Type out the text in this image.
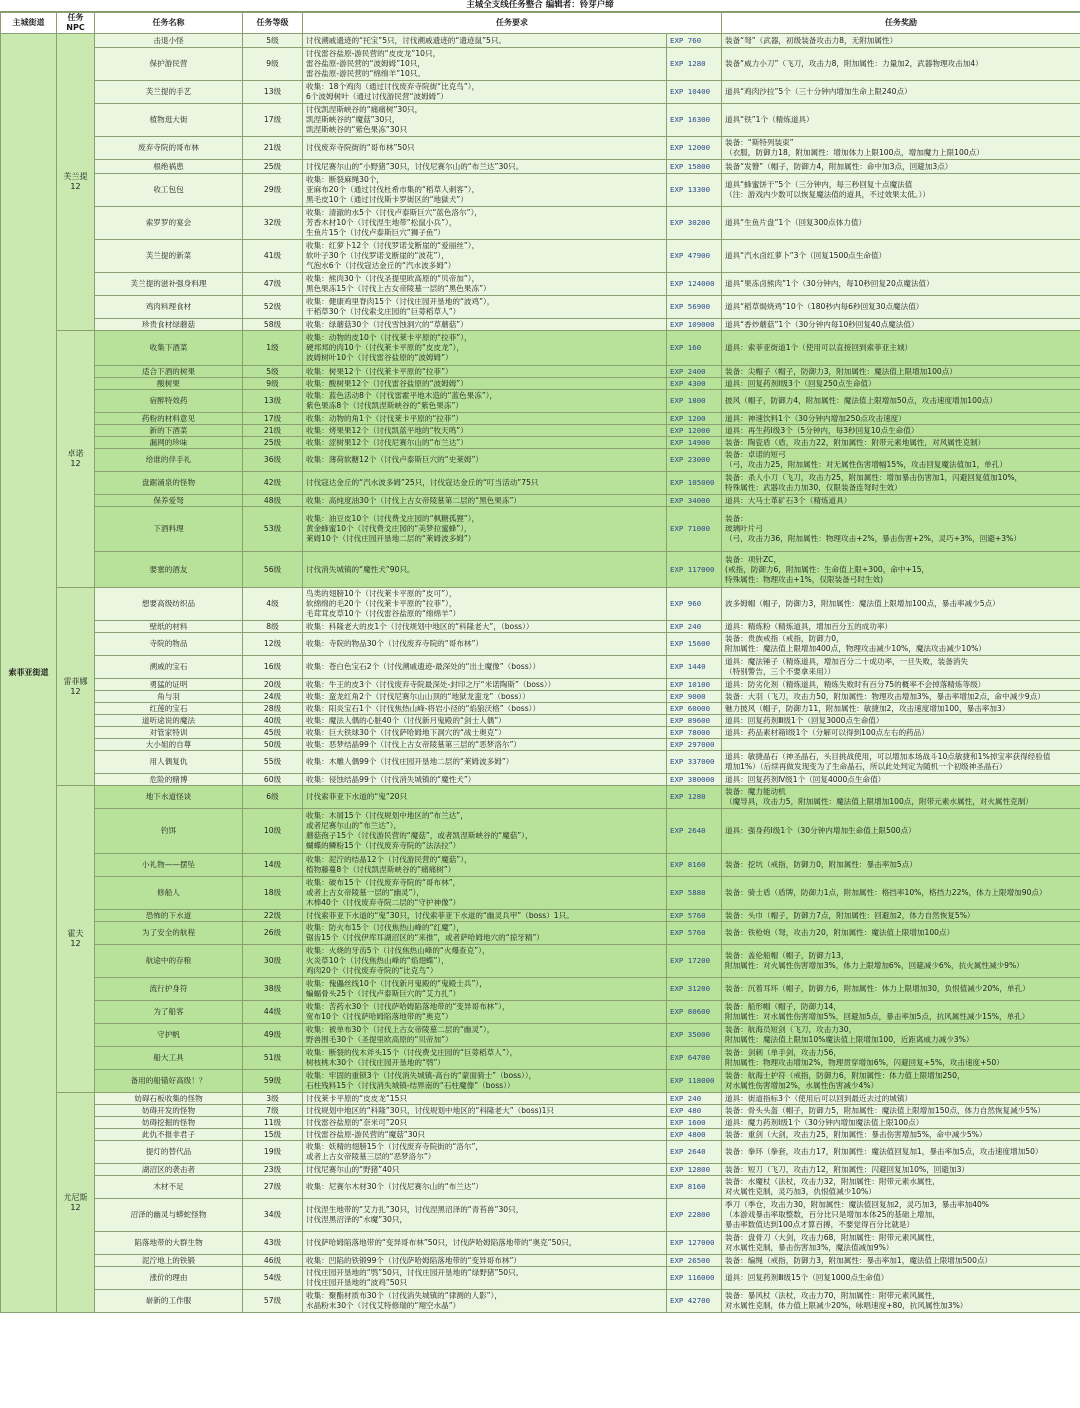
主城全支线任务整合 编辑者：铃芽户缔
主城街道	任务NPC	任务名称	任务等级	任务要求		任务奖励
索菲亚街道	芙兰提
12	击退小怪	5级	讨伐溯戚遗迹的“托宝”5只，讨伐溯戚遗迹的“遗迹鼠”5只。	EXP 760	装备“弩”（武器，初级装备攻击力8，无附加属性）
		保护游民营	9级	讨伐雷谷盐原-游民营的“皮皮龙”10只，
雷谷盐原-游民营的“波姆姆”10只，
雷谷盐原-游民营的“绵绵羊”10只。	EXP 1280	装备“威力小刀”（飞刀，攻击力8，附加属性：力量加2，武器物理攻击加4）
		芙兰提的手艺	13级	收集：18个鸡肉（通过讨伐废弃寺院街“比克鸟”），
6个波姆树叶（通过讨伐游民营“波姆姆”）	EXP 10400	道具“鸡肉沙拉”5个（三十分钟内增加生命上限240点）
		植物逛大街	17级	讨伐凯涅斯峡谷的“痛痛树”30只，
凯涅斯峡谷的“魔菇”30只，
凯涅斯峡谷的“紫色果冻”30只	EXP 16300	道具“铁”1个（精炼道具）
		废弃寺院的哥布林	21级	讨伐废弃寺院街的“哥布林”50只	EXP 12000	装备：“斯特列装束”
（衣服，防御力18，附加属性：增加体力上限100点，增加魔力上限100点）
		根绝祸患	25级	讨伐尼赛尔山的“小野猪”30只，讨伐尼赛尔山的“布兰达”30只。	EXP 15800	装备“发簪”（帽子，防御力4，附加属性：命中加3点，回避加3点）
		收工包包	29级	收集：断裂麻绳30个，
亚麻布20个（通过讨伐杜希市集的“稻草人刺客”），
黑毛皮10个（通过讨伐斯卡罗街区的“地獄犬”）	EXP 13300	道具“蜂蜜饼干”5个（三分钟内，每三秒回复十点魔法值
（注：游戏内少数可以恢复魔法值的道具，不过效果太低。））
		索罗罗的宴会	32级	收集：清澈的水5个（讨伐卢泰斯巨穴“蓝色洛尔”），
芳香木材10个（讨伐涅生地带“松鼠小兵”），
生鱼片15个（讨伐卢泰斯巨穴“狮子鱼”）	EXP 30200	道具“生鱼片盘”1个（回复300点体力值）
		芙兰提的新菜	41级	收集：红萝卜12个（讨伐罗诺戈断崖的“爱丽丝”），
软叶子30个（讨伐罗诺戈断崖的“波花”），
气泡水6个（讨伐寇达金丘的“汽水波多姆”）	EXP 47900	道具“汽水卤红萝卜”3个（回复1500点生命值）
		芙兰提的滋补强身料理	47级	收集：熊肉30个（讨伐圣提里欧高原的“贝帝加”），
黑色果冻15个（讨伐上古女帝陵墓一层的“黑色果冻”）	EXP 124000	道具“果冻卤熊肉”1个（30分钟内，每10秒回复20点魔法值）
		鸡肉料理食材	52级	收集：健康鸡里脊肉15个（讨伐庄园开垦地的“波鸡”），
干稻草30个（讨伐索戈庄园的“巨蒡稻草人”）	EXP 56900	道具“稻草焗烧鸡”10个（180秒内每6秒回复30点魔法值）
		珍贵食材绿蘑菇	58级	收集：绿蘑菇30个（讨伐雪蚀洞穴的“草蘑菇”）	EXP 109000	道具“香炒蘑菇”1个（30分钟内每10秒回复40点魔法值）
	卓诺
12	收集下酒菜	1级	收集：动物的皮10个（讨伐莱卡平原的“拉菲”），
硬邦邦的肉10个（讨伐莱卡平原的“皮皮龙”），
波姆树叶10个（讨伐雷谷盐原的“波姆姆”）	EXP 160	道具：索菲亚街道1个（使用可以直接回到索菲亚主城）
		适合下酒的树果	5级	收集：树果12个（讨伐莱卡平原的“拉菲”）	EXP 2400	装备：尖帽子（帽子，防御力3，附加属性：魔法值上限增加100点）
		酸树果	9级	收集：酸树果12个（讨伐雷谷盐原的“波姆姆”）	EXP 4300	道具：回复药剂Ⅰ级3个（回复250点生命值）
		宿醉特效药	13级	收集：蓝色活动8个（讨伐雷霍平地木造的“蓝色果冻”），
紫色果冻8个（讨伐凯涅斯峡谷的“紫色果冻”）	EXP 1800	披风（帽子，防御力4，附加属性：魔法值上限增加50点，攻击速度增加100点）
		药粉的材料意见	17级	收集：动物的角1个（讨伐莱卡平原的“拉菲”）	EXP 1200	道具：神速饮料1个（30分钟内增加250点攻击速度）
		新的下酒菜	21级	收集：烤果果12个（讨伐凯蓝平地的“牧天鸣”）	EXP 12000	道具：再生药Ⅰ级3个（5分钟内，每3秒回复10点生命值）
		漏网的珍味	25级	收集：涩树果12个（讨伐尼赛尔山的“布兰达”）	EXP 14900	装备：陶瓷盾（盾，攻击力22，附加属性：附带元素地属性，对风属性克制）
		给谁的伴手礼	36级	收集：薄荷软糖12个（讨伐卢泰斯巨穴的“史莱姆”）	EXP 23000	装备：卓诺的短弓
（弓，攻击力25，附加属性：对无属性伤害增幅15%，攻击回复魔法值加1，单孔）
		盘踞涌泉的怪物	42级	讨伐寇达金丘的“汽水波多姆”25只，讨伐寇达金丘的“叮当活动”75只	EXP 105000	装备：杀人小刀（飞刀，攻击力25，附加属性：增加暴击伤害加1，闪避回复值加10%，
特殊属性：武器攻击力加30，仅限装备连弩时生效）
		保养爱弩	48级	收集：高纯度油30个（讨伐上古女帝陵墓第二层的“黑色果冻”）	EXP 34000	道具：大马士革矿石3个（精炼道具）
		下酒料理	53级	收集：油豆皮10个（讨伐费戈庄园的“枫糖孤狸”），
黄金蜂蜜10个（讨伐费戈庄园的“美梦拉蜜蜂”），
莱姆10个（讨伐庄园开垦地二层的“莱姆波多姆”）	EXP 71000	装备：
玻璃叶片弓
（弓，攻击力36，附加属性：物理攻击+2%，暴击伤害+2%，灵巧+3%，回避+3%）
		要塞的酒友	56级	讨伐消失城镇的“魔性犬”90只。	EXP 117000	装备：项针ZC，
(戒指，防御力6，附加属性：生命值上限+300，命中+15，
特殊属性：物理攻击+1%，仅限装备弓时生效)
	雷菲娜
12	想要高级纺织品	4级	鸟类的翅膀10个（讨伐莱卡平原的“皮可”），
软绵绵的毛20个（讨伐莱卡平原的“拉菲”），
毛茸茸皮草10个（讨伐雷谷盐原的“绵绵羊”）	EXP 960	波多姆帽（帽子，防御力3，附加属性：魔法值上限增加100点，暴击率减少5点）
		壁纸的材料	8级	收集：科隆老大的皮1个（讨伐规划中地区的“科隆老大”，（boss））	EXP 240	道具：精炼粉（精炼道具，增加百分五的成功率）
		寺院的物品	12级	收集：寺院的物品30个（讨伐废弃寺院的“哥布林”）	EXP 15600	装备：贵族戒指（戒指，防御力0，
附加属性：魔法值上限增加400点，物理攻击减少10%，魔法攻击减少10%）
		溯戚的宝石	16级	收集：苍白色宝石2个（讨伐溯戚遗迹-最深处的“出土魔像”（boss））	EXP 1440	道具：魔法锤子（精炼道具，增加百分二十成功率，一旦失败，装备消失
（特别警告，三个不要拿来用））
		勇猛的证明	20级	收集：牛王的皮3个（讨伐废弃寺院最深处-封印之厅“米诺陶斯”（boss））	EXP 10100	道具：防劣化剂（精炼道具，精炼失败时有百分75的概率不会掉落精炼等级）
		角与羽	24级	收集：蛮龙红角2个（讨伐尼赛尔山山顶的“地狱龙蛮龙”（boss））	EXP 9000	装备：大羽（飞刀，攻击力50，附加属性：物理攻击增加3%，暴击率增加2点，命中减少9点）
		红莲的宝石	28级	收集：阳炎宝石1个（讨伐焦热山峰-将岩小径的“焰狼沃格”（boss））	EXP 60000	魅力披风（帽子，防御力11，附加属性：敏捷加2，攻击速度增加100，暴击率加3）
		道听途说的魔法	40级	收集：魔法人偶的心脏40个（讨伐新月鬼殿的“剑士人偶”）	EXP 89600	道具：回复药剂Ⅲ级1个（回复3000点生命值）
		对管家特训	45级	收集：巨大铁球30个（讨伐萨哈姆地下洞穴的“战士奥克”）	EXP 78000	道具：药品素材箱Ⅰ级1个（分解可以得到100点左右的药品）
		大小姐的自尊	50级	收集：恶梦结晶99个（讨伐上古女帝陵墓第三层的“恶梦洛尔”）	EXP 297000	
		用人偶复仇	55级	收集：木雕人偶99个（讨伐庄园开垦地二层的“莱姆波多姆”）	EXP 337000	道具：敏捷晶石（神圣晶石，头目挑战使用，可以增加本场战斗10点敏捷和1%掉宝率获得经验值
增加1%）（后续再做发现变为了生命晶石，所以此处判定为随机一个初级神圣晶石）
		危险的赌博	60级	收集：侵蚀结晶99个（讨伐消失城镇的“魔性犬”）	EXP 380000	道具：回复药剂Ⅳ级1个（回复4000点生命值）
	霍夫
12	地下水道怪谈	6级	讨伐索菲亚下水道的“鬼”20只	EXP 1280	装备：魔力能动机
（魔导具，攻击力5，附加属性：魔法值上限增加100点，附带元素水属性，对火属性克制）
		钓饵	10级	收集：木屑15个（讨伐规划中地区的“布兰达”，
或者尼赛尔山的“布兰达”），
蘑菇孢子15个（讨伐游民营的“魔菇”，或者凯涅斯峡谷的“魔菇”），
蝴蝶的鳞粉15个（讨伐废弃寺院的“法法拉”）	EXP 2640	道具：强身药Ⅰ级1个（30分钟内增加生命值上限500点）
		小礼物——摆坠	14级	收集：泥泞的结晶12个（讨伐游民营的“魔菇”），
植物藤蔓8个（讨伐凯涅斯峡谷的“痛痛树”）	EXP 8160	装备：挖坑（戒指，防御力0，附加属性：暴击率加5点）
		修船人	18级	收集：破布15个（讨伐废弃寺院的“哥布林”，
或者上古女帝陵墓一层的“幽灵”），
木棒40个（讨伐废弃寺院二层的“守护神像”）	EXP 5880	装备：骑士盾（盾牌，防御力1点，附加属性：格挡率10%，格挡力22%，体力上限增加90点）
		恐怖的下水道	22级	讨伐索菲亚下水道的“鬼”30只，讨伐索菲亚下水道的“幽灵兵甲”（boss）1只。	EXP 5760	装备：头巾（帽子，防御力7点，附加属性：回避加2，体力自然恢复5%）
		为了安全的航程	26级	收集：防火布15个（讨伐焦热山峰的“红魔”），
锯齿15个（讨伐伊库耳湖沼区的“来推”，或者萨哈姆地穴的“掠牙精”）	EXP 5760	装备：铁枪炮（弩，攻击力20，附加属性：魔法值上限增加100点）
		航途中的存粮	30级	收集：火烧的牙齿5个（讨伐焦热山峰的“火爆查克”），
火炎草10个（讨伐焦热山峰的“焰翅蝶”），
鸡肉20个（讨伐废弃寺院的“比克鸟”）	EXP 17200	装备：盖伦船帽（帽子，防御力13，
附加属性：对火属性伤害增加3%，体力上限增加6%，回避减少6%，抗火属性减少9%）
		流行护身符	38级	收集：傀儡丝线10个（讨伐新月鬼殿的“鬼殿士兵”），
蝙蝠骨头25个（讨伐卢泰斯巨穴的“艾力扎”）	EXP 31200	装备：沉着耳环（帽子，防御力6，附加属性：体力上限增加30，负恨值减少20%，单孔）
		为了船客	44级	收集：苦药水30个（讨伐萨哈姆陷落地带的“变异哥布林”），
宽布10个（讨伐萨哈姆陷落地带的“奥克”）	EXP 80600	装备：船形帽（帽子，防御力14，
附加属性：对水属性伤害增加5%，回避加5点，暴击率加5点，抗风属性减少15%，单孔）
		守护帆	49级	收集：被单布30个（讨伐上古女帝陵墓二层的“幽灵”），
野兽围毛30个（圣提里欧高原的“贝帝加”）	EXP 35000	装备：航海员短剑（飞刀，攻击力30，
附加属性：魔法值上限加10%魔法值上限增加100，近距离威力减少3%）
		船大工具	51级	收集：断裂的伐木斧头15个（讨伐费戈庄园的“巨蒡稻草人”），
树枝桃木30个（讨伐庄园开垦地的“鸮”）	EXP 64700	装备：剑刺（单手剑，攻击力56，
附加属性：物理攻击增加2%，物理贯穿增加6%，闪避回复+5%，攻击速度+50）
		备用的船锚好高级！？	59级	收集：牢固的重锁3个（讨伐消失城镇-高台的“蒙面骑士”（boss）），
石柱残料15个（讨伐消失城镇-结界南的“石柱魔像”（boss））	EXP 118000	装备：航海士护符（戒指，防御力6，附加属性：体力值上限增加250，
对水属性伤害增加2%，水属性伤害减少4%）
	尤尼斯
12	妨碍石板收集的怪物	3级	讨伐莱卡平原的“皮皮龙”15只	EXP 240	道具：街道指标3个（使用后可以回到最近去过的城镇）
		妨碍开发的怪物	7级	讨伐规划中地区的“科隆”30只，讨伐规划中地区的“科隆老大”（boss)1只	EXP 480	装备：骨头头盔（帽子，防御力5，附加属性：魔法值上限增加150点，体力自然恢复减少5%）
		妨碍挖掘的怪物	11级	讨伐雷谷盐原的“奈米可”20只	EXP 1600	道具：魔力药剂Ⅰ级1个（30分钟内增加魔法值上限100点）
		此仇不报非君子	15级	讨伐雷谷盐原-游民营的“魔菇”30只	EXP 4800	装备：重剑（大剑，攻击力25，附加属性：暴击伤害增加5%，命中减少5%）
		提灯的替代品	19级	收集：妖精的翅膀15个（讨伐废弃寺院街的“洛尔”，
或者上古女帝陵墓三层的“恶梦洛尔”）	EXP 2640	装备：拳环（拳套，攻击力17，附加属性：魔法值回复加1，暴击率加5点，攻击速度增加50）
		湖沼区的袭击者	23级	讨伐尼赛尔山的“野猪”40只	EXP 12800	装备：短刀（飞刀，攻击力12，附加属性：闪避回复加10%，回避加3）
		木材不足	27级	收集：尼赛尔木材30个（讨伐尼赛尔山的“布兰达”）	EXP 8160	装备：水魔杖（法杖，攻击力32，附加属性：附带元素水属性，
对火属性克制，灵巧加3，仇恨值减少10%）
		沼泽的幽灵与蟒蛇怪物	34级	讨伐涅生地带的“艾力扎”30只，讨伐涅黑沼泽的“青苔兽”30只，
讨伐涅黑沼泽的“水魔”30只，	EXP 22800	季刀（季仓，攻击力30，附加属性：魔法值回复加2，灵巧加3，暴击率加40%
（本游戏暴击率取整数，百分比只是增加本体25的基础上增加，
暴击率数值达到100点才算百搏，不要觉得百分比就是）
		陷落地带的大群生物	43级	讨伐萨哈姆陷落地带的“变异哥布林”50只，讨伐萨哈姆陷落地带的“奥克”50只，	EXP 127000	装备：盘骨刀（大剑，攻击力68，附加属性：附带元素风属性，
对水属性克制，暴击伤害加3%，魔法值减加9%）
		泥泞地上的铁锻	46级	收集：凹陷的铁锻99个（讨伐萨哈姆陷落地带的“变异哥布林”）	EXP 26500	装备：编绳（戒指，防御力3，附加属性：暴击率加1，魔法值上限增加500点）
		涨价的理由	54级	讨伐庄园开垦地的“鸮”50只，讨伐庄园开垦地的“绿野猪”50只，
讨伐庄园开垦地的“波鸡”50只	EXP 116000	道具：回复药剂Ⅲ级15个（回复1000点生命值）
		崭新的工作服	57级	收集：聚酯材质布30个（讨伐消失城镇的“律测的人影”），
水晶粉末30个（讨伐艾特修瑞的“翔空水晶”）	EXP 42700	装备：暴风杖（法杖，攻击力70，附加属性：附带元素风属性，
对水属性克制，体力值上限减少20%，咏唱速度+80，抗风属性加3%）
